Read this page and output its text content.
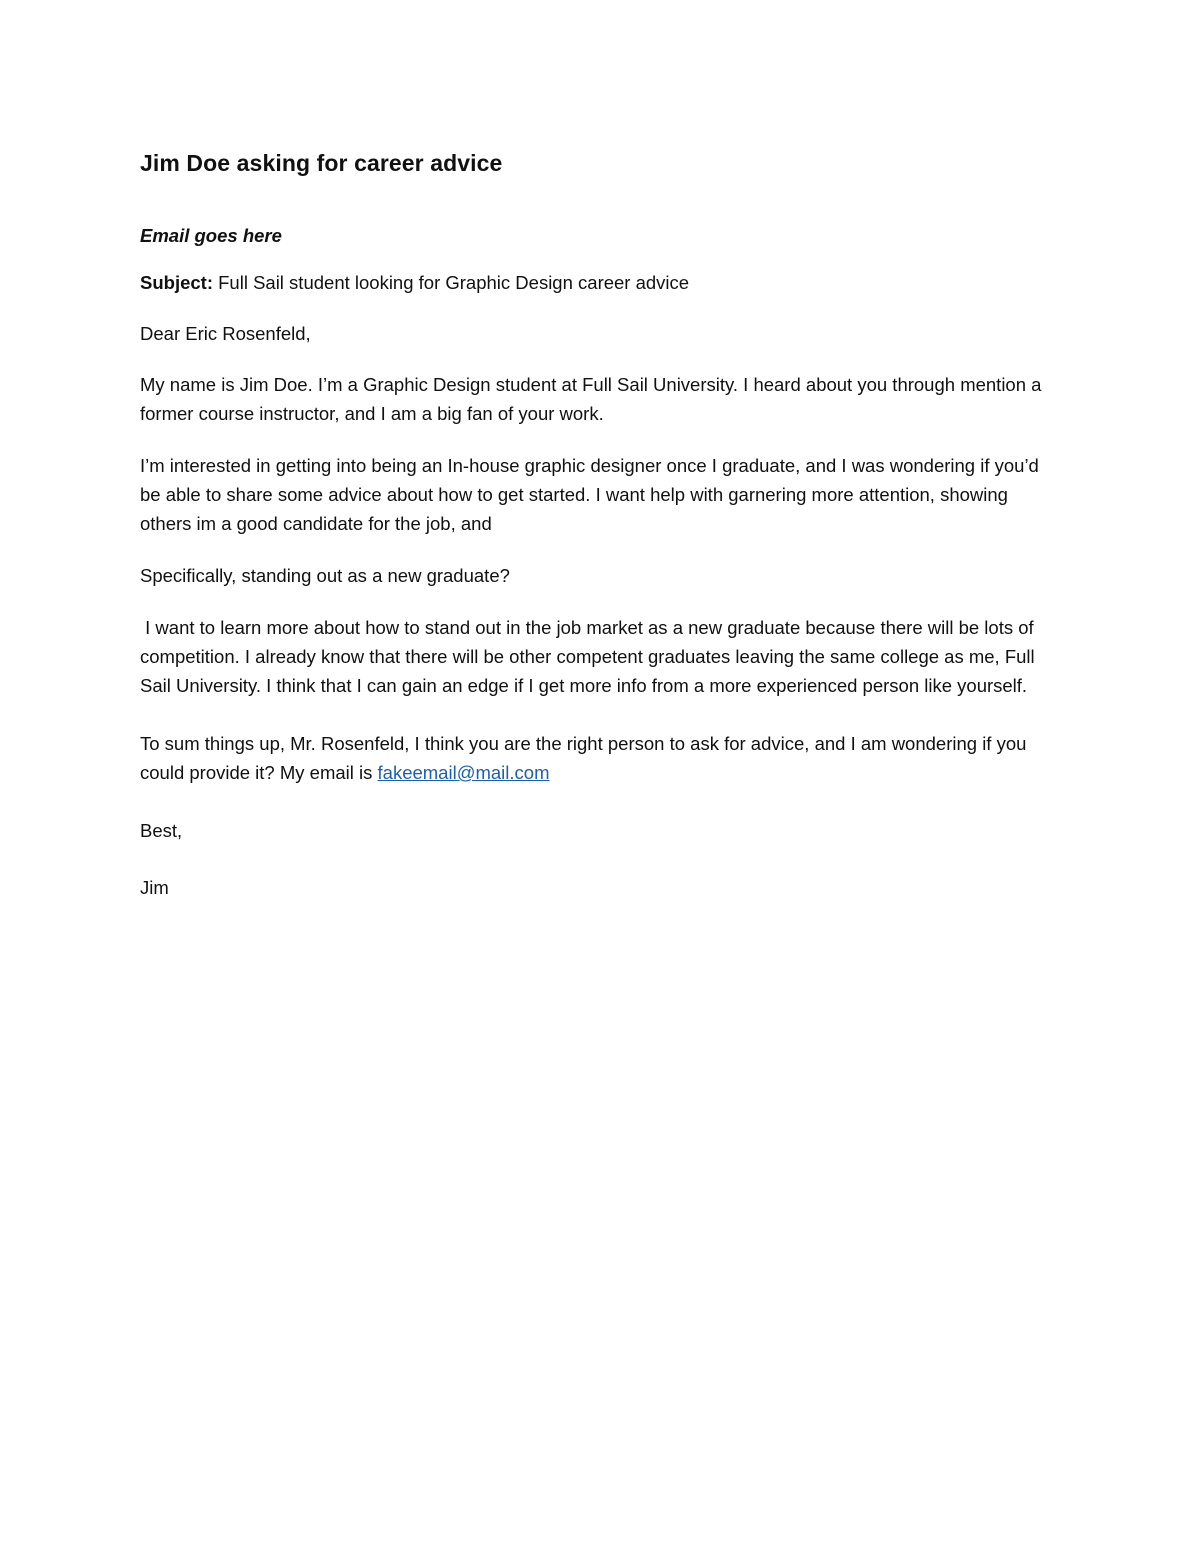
Jim Doe asking for career advice
Email goes here

Subject: Full Sail student looking for Graphic Design career advice

Dear Eric Rosenfeld,

My name is Jim Doe. I’m a Graphic Design student at Full Sail University. I heard about you through mention a former course instructor, and I am a big fan of your work.

I’m interested in getting into being an In-house graphic designer once I graduate, and I was wondering if you’d be able to share some advice about how to get started. I want help with garnering more attention, showing others im a good candidate for the job, and

Specifically, standing out as a new graduate?

I want to learn more about how to stand out in the job market as a new graduate because there will be lots of competition. I already know that there will be other competent graduates leaving the same college as me, Full Sail University. I think that I can gain an edge if I get more info from a more experienced person like yourself.

To sum things up, Mr. Rosenfeld, I think you are the right person to ask for advice, and I am wondering if you could provide it? My email is fakeemail@mail.com

Best,

Jim
